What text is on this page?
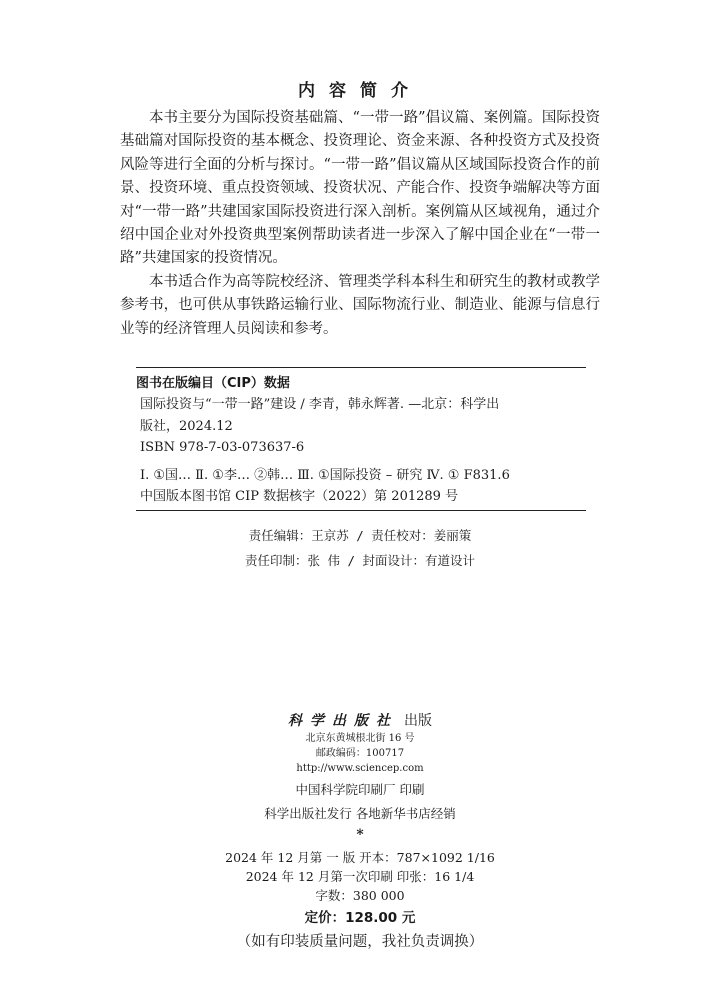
内容简介

本书主要分为国际投资基础篇、“一带一路”倡议篇、案例篇。国际投资基础篇对国际投资的基本概念、投资理论、资金来源、各种投资方式及投资风险等进行全面的分析与探讨。“一带一路”倡议篇从区域国际投资合作的前景、投资环境、重点投资领域、投资状况、产能合作、投资争端解决等方面对“一带一路”共建国家国际投资进行深入剖析。案例篇从区域视角，通过介绍中国企业对外投资典型案例帮助读者进一步深入了解中国企业在“一带一路”共建国家的投资情况。

本书适合作为高等院校经济、管理类学科本科生和研究生的教材或教学参考书，也可供从事铁路运输行业、国际物流行业、制造业、能源与信息行业等的经济管理人员阅读和参考。

图书在版编目（CIP）数据
国际投资与“一带一路”建设 / 李青，韩永辉著. —北京：科学出
版社，2024.12
ISBN 978-7-03-073637-6
Ⅰ. ①国… Ⅱ. ①李… ②韩… Ⅲ. ①国际投资 – 研究 Ⅳ. ① F831.6
中国版本图书馆 CIP 数据核字（2022）第 201289 号
责任编辑：王京苏 / 责任校对：姜丽策
责任印制：张 伟 / 封面设计：有道设计
科学出版社 出版
北京东黄城根北街 16 号
邮政编码：100717
http://www.sciencep.com
中国科学院印刷厂 印刷
科学出版社发行 各地新华书店经销
*
2024 年 12 月第 一 版 开本：787×1092 1/16
2024 年 12 月第一次印刷 印张：16 1/4
字数：380 000
定价：128.00 元
（如有印装质量问题，我社负责调换）
